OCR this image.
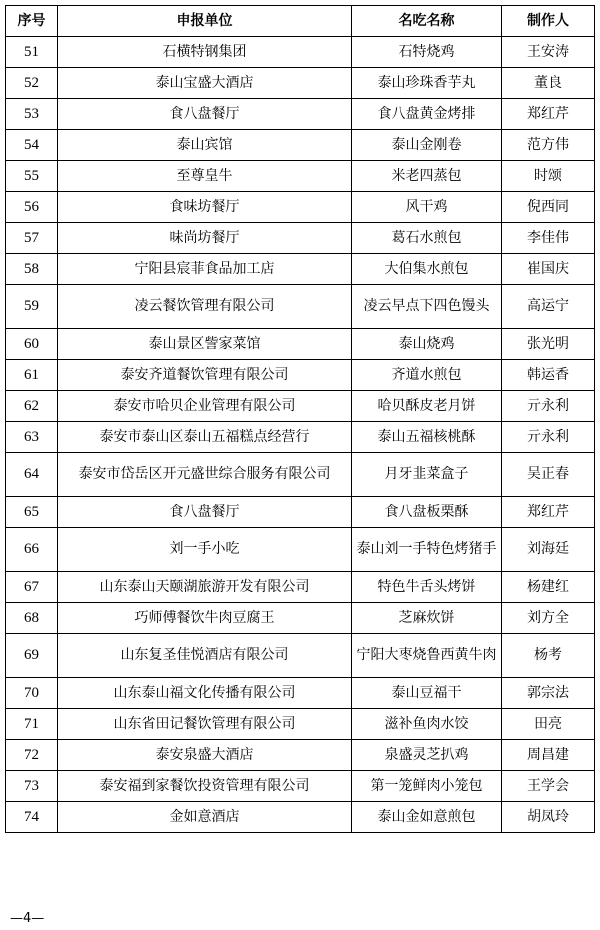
序号	申报单位	名吃名称	制作人
51	石横特钢集团	石特烧鸡	王安涛
52	泰山宝盛大酒店	泰山珍珠香芋丸	董良
53	食八盘餐厅	食八盘黄金烤排	郑红芹
54	泰山宾馆	泰山金刚卷	范方伟
55	至尊皇牛	米老四蒸包	时颂
56	食味坊餐厅	风干鸡	倪西同
57	味尚坊餐厅	葛石水煎包	李佳伟
58	宁阳县宸菲食品加工店	大伯集水煎包	崔国庆
59	凌云餐饮管理有限公司	凌云早点下四色馒头	高运宁
60	泰山景区訾家菜馆	泰山烧鸡	张光明
61	泰安齐道餐饮管理有限公司	齐道水煎包	韩运香
62	泰安市哈贝企业管理有限公司	哈贝酥皮老月饼	亓永利
63	泰安市泰山区泰山五福糕点经营行	泰山五福核桃酥	亓永利
64	泰安市岱岳区开元盛世综合服务有限公司	月牙韭菜盒子	吴正春
65	食八盘餐厅	食八盘板栗酥	郑红芹
66	刘一手小吃	泰山刘一手特色烤猪手	刘海廷
67	山东泰山天颐湖旅游开发有限公司	特色牛舌头烤饼	杨建红
68	巧师傅餐饮牛肉豆腐王	芝麻炊饼	刘方全
69	山东复圣佳悦酒店有限公司	宁阳大枣烧鲁西黄牛肉	杨考
70	山东泰山福文化传播有限公司	泰山豆福干	郭宗法
71	山东省田记餐饮管理有限公司	滋补鱼肉水饺	田亮
72	泰安泉盛大酒店	泉盛灵芝扒鸡	周昌建
73	泰安福到家餐饮投资管理有限公司	第一笼鲜肉小笼包	王学会
74	金如意酒店	泰山金如意煎包	胡凤玲
—4—
